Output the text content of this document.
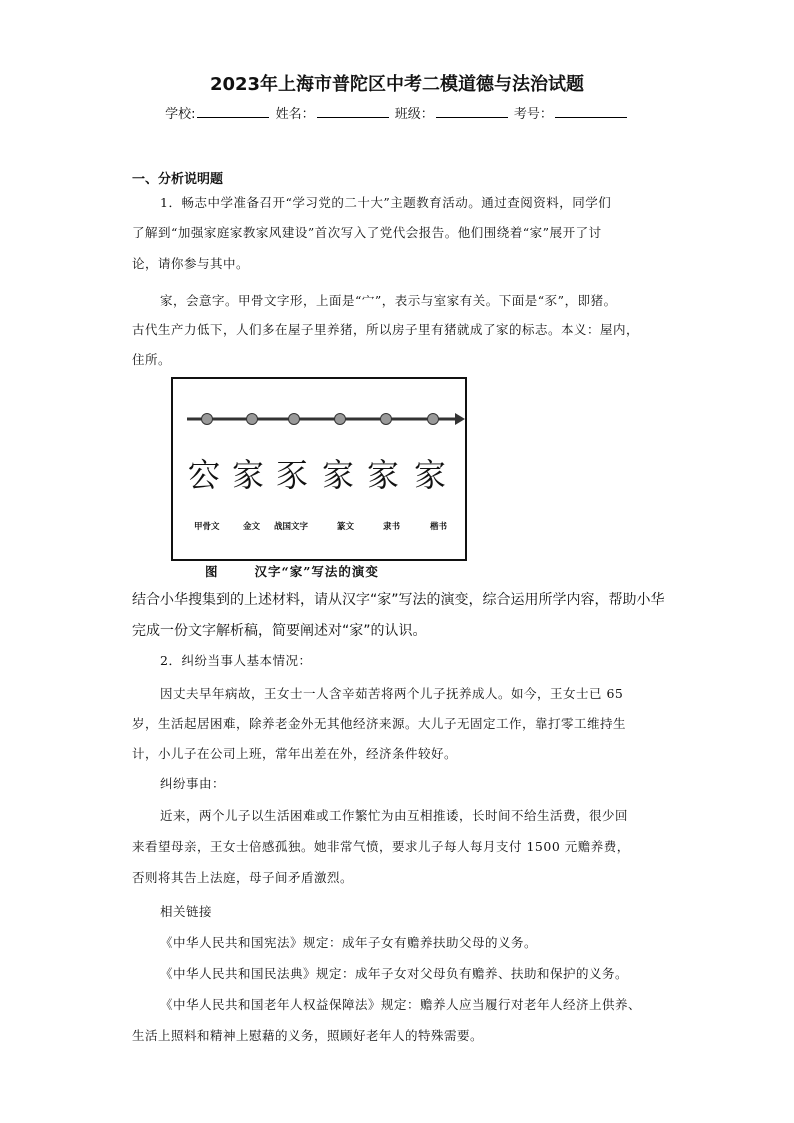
2023年上海市普陀区中考二模道德与法治试题
学校:	姓名：	班级：	考号：
一、分析说明题
1．畅志中学准备召开“学习党的二十大”主题教育活动。通过查阅资料，同学们
了解到“加强家庭家教家风建设”首次写入了党代会报告。他们围绕着“家”展开了讨
论，请你参与其中。
家，会意字。甲骨文字形，上面是“宀”，表示与室家有关。下面是“豕”，即猪。
古代生产力低下，人们多在屋子里养猪，所以房子里有猪就成了家的标志。本义：屋内，
住所。
㝐 家 豕 家 家 家
甲骨文	金文 战国文字	篆文	隶书	楷书
图	汉字“家”写法的演变
结合小华搜集到的上述材料，请从汉字“家”写法的演变，综合运用所学内容，帮助小华
完成一份文字解析稿，简要阐述对“家”的认识。
2．纠纷当事人基本情况：
因丈夫早年病故，王女士一人含辛茹苦将两个儿子抚养成人。如今，王女士已 65
岁，生活起居困难，除养老金外无其他经济来源。大儿子无固定工作，靠打零工维持生
计，小儿子在公司上班，常年出差在外，经济条件较好。
纠纷事由：
近来，两个儿子以生活困难或工作繁忙为由互相推诿，长时间不给生活费，很少回
来看望母亲，王女士倍感孤独。她非常气愤，要求儿子每人每月支付 1500 元赡养费，
否则将其告上法庭，母子间矛盾激烈。
相关链接
《中华人民共和国宪法》规定：成年子女有赡养扶助父母的义务。
《中华人民共和国民法典》规定：成年子女对父母负有赡养、扶助和保护的义务。
《中华人民共和国老年人权益保障法》规定：赡养人应当履行对老年人经济上供养、
生活上照料和精神上慰藉的义务，照顾好老年人的特殊需要。
